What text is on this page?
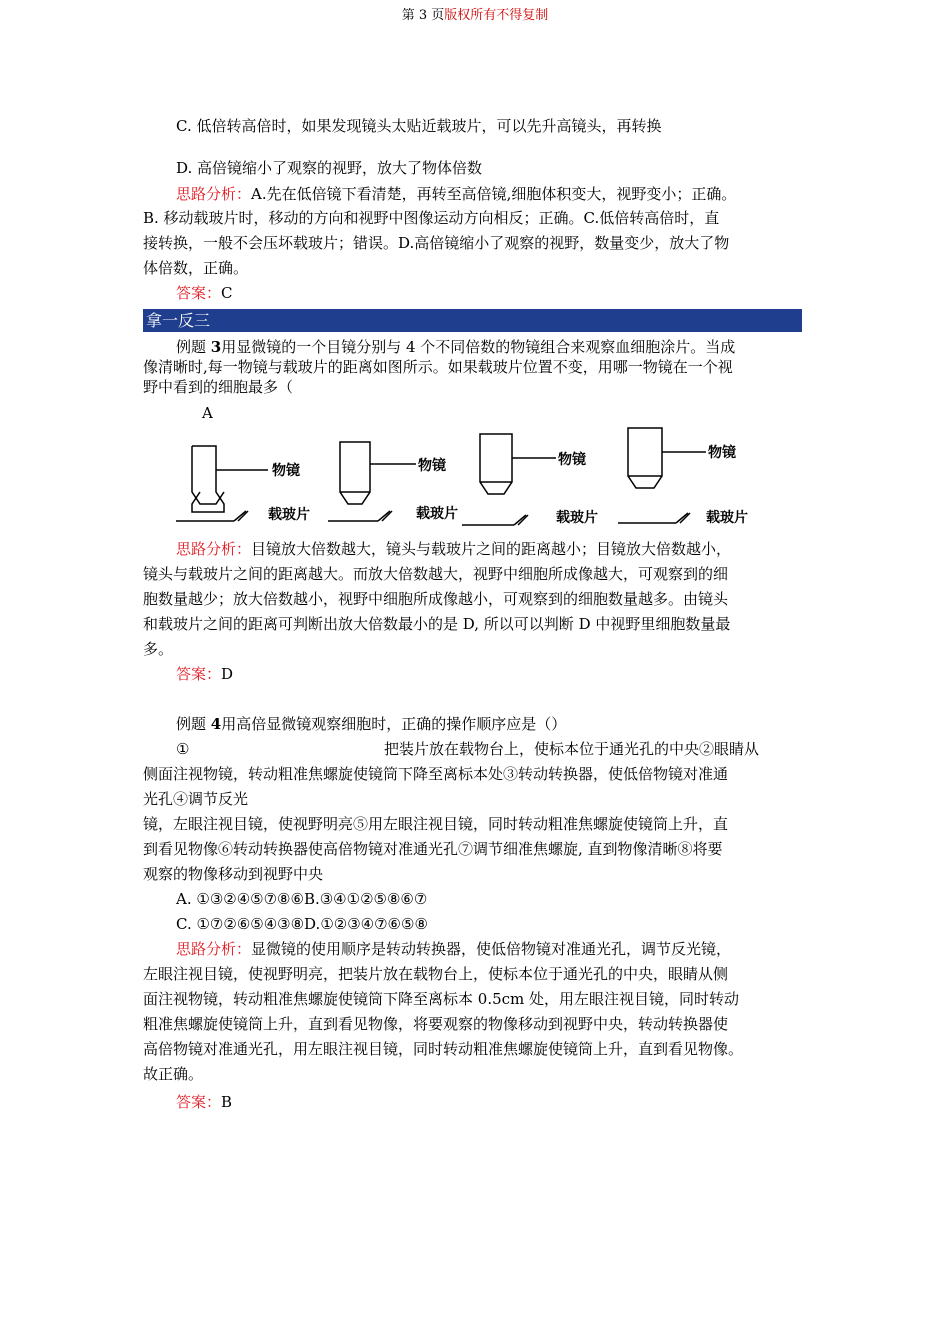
第 3 页版权所有不得复制
C. 低倍转高倍时，如果发现镜头太贴近载玻片，可以先升高镜头，再转换
D. 高倍镜缩小了观察的视野，放大了物体倍数
思路分析：A.先在低倍镜下看清楚，再转至高倍镜,细胞体积变大，视野变小；正确。
B. 移动载玻片时，移动的方向和视野中图像运动方向相反；正确。C.低倍转高倍时，直
接转换，一般不会压坏载玻片；错误。D.高倍镜缩小了观察的视野，数量变少，放大了物
体倍数，正确。
答案：C
拿一反三
例题 3用显微镜的一个目镜分别与 4 个不同倍数的物镜组合来观察血细胞涂片。当成
像清晰时,每一物镜与载玻片的距离如图所示。如果载玻片位置不变，用哪一物镜在一个视
野中看到的细胞最多（
A
物镜
载玻片
物镜
载玻片
物镜
载玻片
物镜
载玻片
思路分析：目镜放大倍数越大，镜头与载玻片之间的距离越小；目镜放大倍数越小，
镜头与载玻片之间的距离越大。而放大倍数越大，视野中细胞所成像越大，可观察到的细
胞数量越少；放大倍数越小，视野中细胞所成像越小，可观察到的细胞数量越多。由镜头
和载玻片之间的距离可判断出放大倍数最小的是 D, 所以可以判断 D 中视野里细胞数量最
多。
答案：D
例题 4用高倍显微镜观察细胞时，正确的操作顺序应是（）
①	把装片放在载物台上，使标本位于通光孔的中央②眼睛从
侧面注视物镜，转动粗准焦螺旋使镜筒下降至离标本处③转动转换器，使低倍物镜对准通
光孔④调节反光
镜，左眼注视目镜，使视野明亮⑤用左眼注视目镜，同时转动粗准焦螺旋使镜筒上升，直
到看见物像⑥转动转换器使高倍物镜对准通光孔⑦调节细准焦螺旋, 直到物像清晰⑧将要
观察的物像移动到视野中央
A. ①③②④⑤⑦⑧⑥B.③④①②⑤⑧⑥⑦
C. ①⑦②⑥⑤④③⑧D.①②③④⑦⑥⑤⑧
思路分析：显微镜的使用顺序是转动转换器，使低倍物镜对准通光孔，调节反光镜，
左眼注视目镜，使视野明亮，把装片放在载物台上，使标本位于通光孔的中央，眼睛从侧
面注视物镜，转动粗准焦螺旋使镜筒下降至离标本 0.5cm 处，用左眼注视目镜，同时转动
粗准焦螺旋使镜筒上升，直到看见物像，将要观察的物像移动到视野中央，转动转换器使
高倍物镜对准通光孔，用左眼注视目镜，同时转动粗准焦螺旋使镜筒上升，直到看见物像。
故正确。
答案：B
